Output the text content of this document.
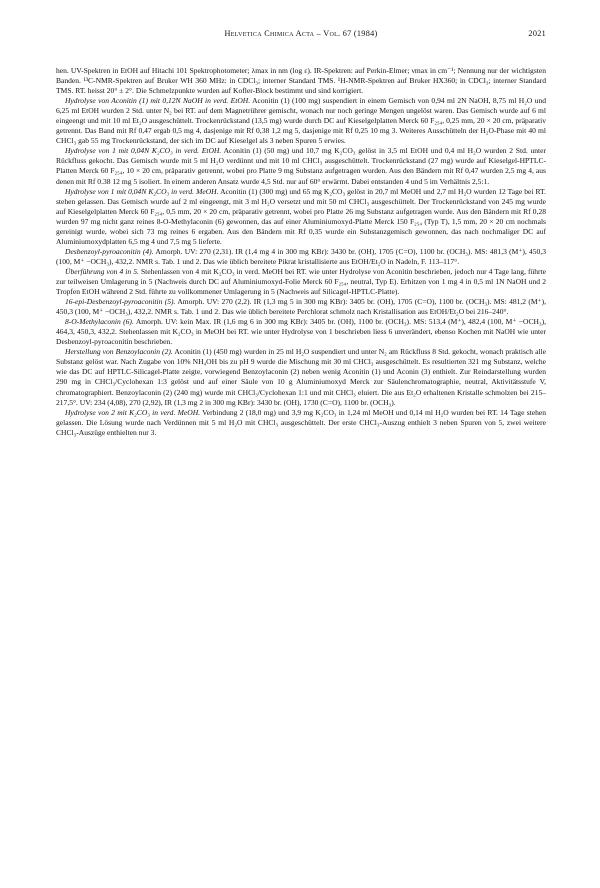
Helvetica Chimica Acta – Vol. 67 (1984)	2021

hen. UV-Spektren in EtOH auf Hitachi 101 Spektrophotometer; λmax in nm (log ε). IR-Spektren: auf Perkin-Elmer; νmax in cm⁻¹; Nennung nur der wichtigsten Banden. ¹³C-NMR-Spektren auf Bruker WH 360 MHz: in CDCl₃; interner Standard TMS. ¹H-NMR-Spektren auf Bruker HX360; in CDCl₃; interner Standard TMS. RT. heisst 20° ± 2°. Die Schmelzpunkte wurden auf Kofler-Block bestimmt und sind korrigiert.

Hydrolyse von Aconitin (1) mit 0,12N NaOH in verd. EtOH. Aconitin (1) (100 mg) suspendiert in einem Gemisch von 0,94 ml 2N NaOH, 8,75 ml H₂O und 6,25 ml EtOH wurden 2 Std. unter N₂ bei RT. auf dem Magnetrührer gemischt, wonach nur noch geringe Mengen ungelöst waren. Das Gemisch wurde auf 6 ml eingeengt und mit 10 ml Et₂O ausgeschüttelt. Trockenrückstand (13,5 mg) wurde durch DC auf Kieselgelplatten Merck 60 F₂₅₄, 0,25 mm, 20 × 20 cm, präparativ getrennt. Das Band mit Rf 0,47 ergab 0,5 mg 4, dasjenige mit Rf 0,38 1,2 mg 5, dasjenige mit Rf 0,25 10 mg 3. Weiteres Ausschütteln der H₂O-Phase mit 40 ml CHCl₃ gab 55 mg Trockenrückstand, der sich im DC auf Kieselgel als 3 neben Spuren 5 erwies.

Hydrolyse von 1 mit 0,04N K₂CO₃ in verd. EtOH. Aconitin (1) (50 mg) und 10,7 mg K₂CO₃ gelöst in 3,5 ml EtOH und 0,4 ml H₂O wurden 2 Std. unter Rückfluss gekocht. Das Gemisch wurde mit 5 ml H₂O verdünnt und mit 10 ml CHCl₃ ausgeschüttelt. Trockenrückstand (27 mg) wurde auf Kieselgel-HPTLC-Platten Merck 60 F₂₅₄, 10 × 20 cm, präparativ getrennt, wobei pro Platte 9 mg Substanz aufgetragen wurden. Aus den Bändern mit Rf 0,47 wurden 2,5 mg 4, aus denen mit Rf 0.38 12 mg 5 isoliert. In einem anderen Ansatz wurde 4,5 Std. nur auf 60° erwärmt. Dabei entstanden 4 und 5 im Verhältnis 2,5:1.

Hydrolyse von 1 mit 0,04N K₂CO₃ in verd. MeOH. Aconitin (1) (300 mg) und 65 mg K₂CO₃ gelöst in 20,7 ml MeOH und 2,7 ml H₂O wurden 12 Tage bei RT. stehen gelassen. Das Gemisch wurde auf 2 ml eingeengt, mit 3 ml H₂O versetzt und mit 50 ml CHCl₃ ausgeschüttelt. Der Trockenrückstand von 245 mg wurde auf Kieselgelplatten Merck 60 F₂₅₄, 0,5 mm, 20 × 20 cm, präparativ getrennt, wobei pro Platte 26 mg Substanz aufgetragen wurde. Aus den Bändern mit Rf 0,28 wurden 97 mg nicht ganz reines 8-O-Methylaconin (6) gewonnen, das auf einer Aluminiumoxyd-Platte Merck 150 F₂₅₄ (Typ T), 1,5 mm, 20 × 20 cm nochmals gereinigt wurde, wobei sich 73 mg reines 6 ergaben. Aus den Bändern mit Rf 0,35 wurde ein Substanzgemisch gewonnen, das nach nochmaliger DC auf Aluminiumoxydplatten 6,5 mg 4 und 7,5 mg 5 lieferte.

Desbenzoyl-pyroaconitin (4). Amorph. UV: 270 (2,31). IR (1,4 mg 4 in 300 mg KBr): 3430 br. (OH), 1705 (C=O), 1100 br. (OCH₃). MS: 481,3 (M⁺), 450,3 (100, M⁺ −OCH₃), 432,2. NMR s. Tab. 1 und 2. Das wie üblich bereitete Pikrat kristallisierte aus EtOH/Et₂O in Nadeln, F. 113–117°.

Überführung von 4 in 5. Stehenlassen von 4 mit K₂CO₃ in verd. MeOH bei RT. wie unter Hydrolyse von Aconitin beschrieben, jedoch nur 4 Tage lang, führte zur teilweisen Umlagerung in 5 (Nachweis durch DC auf Aluminiumoxyd-Folie Merck 60 F₂₅₄, neutral, Typ E). Erhitzen von 1 mg 4 in 0,5 ml 1N NaOH und 2 Tropfen EtOH während 2 Std. führte zu vollkommener Umlagerung in 5 (Nachweis auf Silicagel-HPTLC-Platte).

16-epi-Desbenzoyl-pyroaconitin (5). Amorph. UV: 270 (2,2). IR (1,3 mg 5 in 300 mg KBr): 3405 br. (OH), 1705 (C=O), 1100 br. (OCH₃). MS: 481,2 (M⁺), 450,3 (100, M⁺ −OCH₃), 432,2. NMR s. Tab. 1 und 2. Das wie üblich bereitete Perchlorat schmolz nach Kristallisation aus EtOH/Et₂O bei 216–240°.

8-O-Methylaconin (6). Amorph. UV: kein Max. IR (1,6 mg 6 in 300 mg KBr): 3405 br. (OH), 1100 br. (OCH₃). MS: 513,4 (M⁺), 482,4 (100, M⁺ −OCH₃), 464,3, 450,3, 432,2. Stehenlassen mit K₂CO₃ in MeOH bei RT. wie unter Hydrolyse von 1 beschrieben liess 6 unverändert, ebenso Kochen mit NaOH wie unter Desbenzoyl-pyroaconitin beschrieben.

Herstellung von Benzoylaconin (2). Aconitin (1) (450 mg) wurden in 25 ml H₂O suspendiert und unter N₂ am Rückfluss 8 Std. gekocht, wonach praktisch alle Substanz gelöst war. Nach Zugabe von 10% NH₄OH bis zu pH 9 wurde die Mischung mit 30 ml CHCl₃ ausgeschüttelt. Es resultierten 321 mg Substanz, welche wie das DC auf HPTLC-Silicagel-Platte zeigte, vorwiegend Benzoylaconin (2) neben wenig Aconitin (1) und Aconin (3) enthielt. Zur Reindarstellung wurden 290 mg in CHCl₃/Cyclohexan 1:3 gelöst und auf einer Säule von 10 g Aluminiumoxyd Merck zur Säulenchromatographie, neutral, Aktivitätsstufe V, chromatographiert. Benzoylaconin (2) (240 mg) wurde mit CHCl₃/Cyclohexan 1:1 und mit CHCl₃ eluiert. Die aus Et₂O erhaltenen Kristalle schmolzen bei 215–217,5°. UV: 234 (4,08), 270 (2,92), IR (1,3 mg 2 in 300 mg KBr): 3430 br. (OH), 1730 (C=O), 1100 br. (OCH₃).

Hydrolyse von 2 mit K₂CO₃ in verd. MeOH. Verbindung 2 (18,0 mg) und 3,9 mg K₂CO₃ in 1,24 ml MeOH und 0,14 ml H₂O wurden bei RT. 14 Tage stehen gelassen. Die Lösung wurde nach Verdünnen mit 5 ml H₂O mit CHCl₃ ausgeschüttelt. Der erste CHCl₃-Auszug enthielt 3 neben Spuren von 5, zwei weitere CHCl₃-Auszüge enthielten nur 3.
